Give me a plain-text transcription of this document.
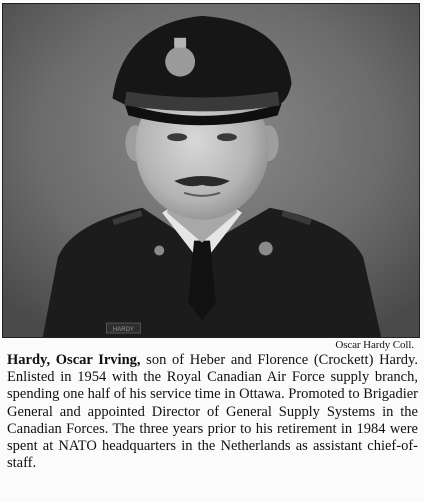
HARDY
Oscar Hardy Coll.

Hardy, Oscar Irving, son of Heber and Florence (Crockett) Hardy. Enlisted in 1954 with the Royal Canadian Air Force supply branch, spending one half of his service time in Ottawa. Promoted to Brigadier General and appointed Director of General Supply Systems in the Canadian Forces. The three years prior to his retirement in 1984 were spent at NATO headquarters in the Netherlands as assistant chief-of-staff.
